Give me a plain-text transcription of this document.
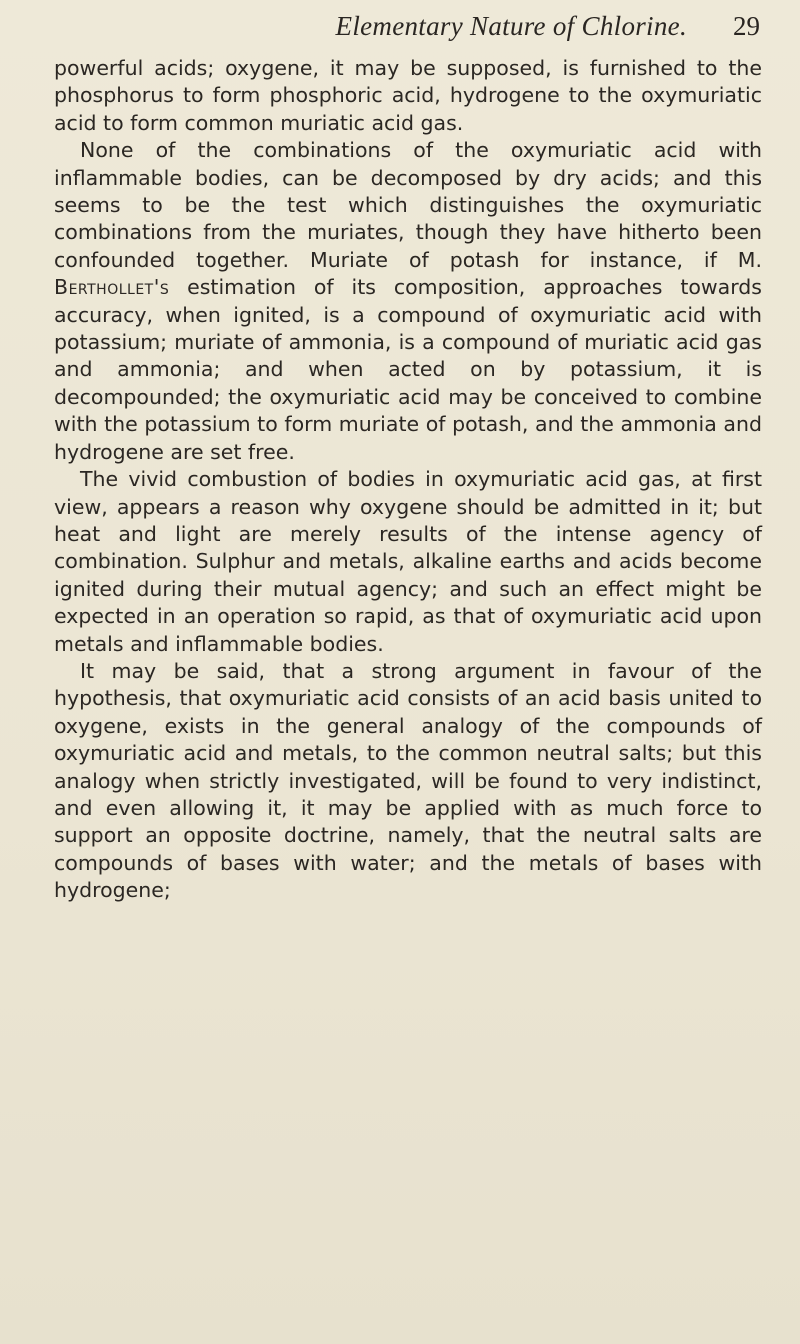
Elementary Nature of Chlorine. 29

powerful acids; oxygene, it may be supposed, is furnished to the phosphorus to form phosphoric acid, hydrogene to the oxymuriatic acid to form common muriatic acid gas.

None of the combinations of the oxymuriatic acid with inflammable bodies, can be decomposed by dry acids; and this seems to be the test which distinguishes the oxymuriatic combinations from the muriates, though they have hitherto been confounded together. Muriate of potash for instance, if M. Berthollet's estimation of its composition, approaches towards accuracy, when ignited, is a compound of oxymuriatic acid with potassium; muriate of ammonia, is a compound of muriatic acid gas and ammonia; and when acted on by potassium, it is decompounded; the oxymuriatic acid may be conceived to combine with the potassium to form muriate of potash, and the ammonia and hydrogene are set free.

The vivid combustion of bodies in oxymuriatic acid gas, at first view, appears a reason why oxygene should be admitted in it; but heat and light are merely results of the intense agency of combination. Sulphur and metals, alkaline earths and acids become ignited during their mutual agency; and such an effect might be expected in an operation so rapid, as that of oxymuriatic acid upon metals and inflammable bodies.

It may be said, that a strong argument in favour of the hypothesis, that oxymuriatic acid consists of an acid basis united to oxygene, exists in the general analogy of the compounds of oxymuriatic acid and metals, to the common neutral salts; but this analogy when strictly investigated, will be found to very indistinct, and even allowing it, it may be applied with as much force to support an opposite doctrine, namely, that the neutral salts are compounds of bases with water; and the metals of bases with hydrogene;
